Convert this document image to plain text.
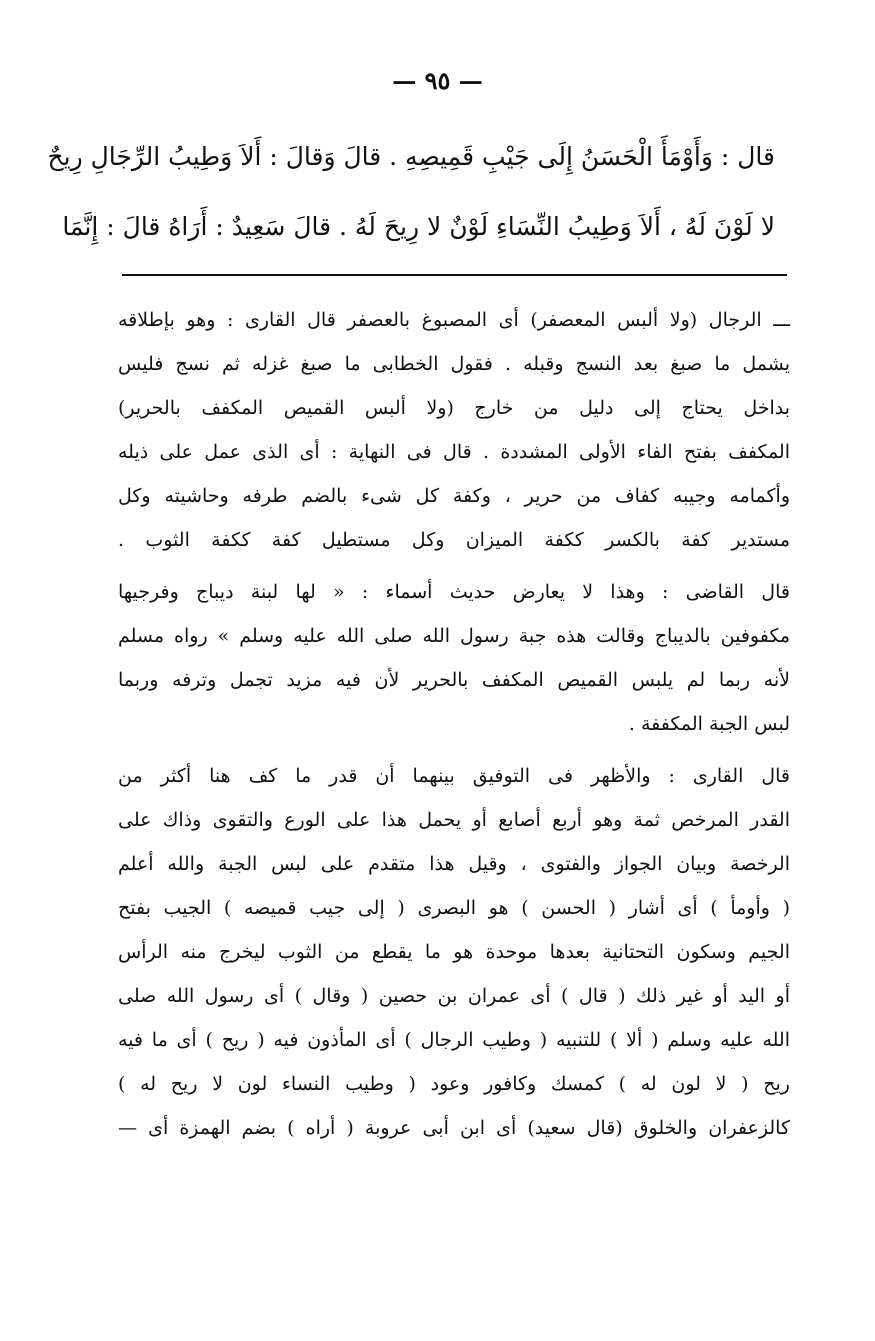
— ٩٥ —
قال : وَأَوْمَأَ الْحَسَنُ إِلَى جَيْبِ قَمِيصِهِ . قالَ وَقالَ : أَلاَ وَطِيبُ الرِّجَالِ رِيحٌ
لا لَوْنَ لَهُ ، أَلاَ وَطِيبُ النِّسَاءِ لَوْنٌ لا رِيحَ لَهُ . قالَ سَعِيدٌ : أَرَاهُ قالَ : إِنَّمَا
ـــ الرجال (ولا ألبس المعصفر) أى المصبوغ بالعصفر قال القارى : وهو بإطلاقه
يشمل ما صبغ بعد النسج وقبله . فقول الخطابى ما صبغ غزله ثم نسج فليس
بداخل يحتاج إلى دليل من خارج (ولا ألبس القميص المكفف بالحرير)
المكفف بفتح الفاء الأولى المشددة . قال فى النهاية : أى الذى عمل على ذيله
وأكمامه وجيبه كفاف من حرير ، وكفة كل شىء بالضم طرفه وحاشيته وكل
مستدير كفة بالكسر ككفة الميزان وكل مستطيل كفة ككفة الثوب .
قال القاضى : وهذا لا يعارض حديث أسماء : « لها لبنة ديباج وفرجيها
مكفوفين بالديباج وقالت هذه جبة رسول الله صلى الله عليه وسلم » رواه مسلم
لأنه ربما لم يلبس القميص المكفف بالحرير لأن فيه مزيد تجمل وترفه وربما
لبس الجبة المكففة .
قال القارى : والأظهر فى التوفيق بينهما أن قدر ما كف هنا أكثر من
القدر المرخص ثمة وهو أربع أصابع أو يحمل هذا على الورع والتقوى وذاك على
الرخصة وبيان الجواز والفتوى ، وقيل هذا متقدم على لبس الجبة والله أعلم
( وأومأ ) أى أشار ( الحسن ) هو البصرى ( إلى جيب قميصه ) الجيب بفتح
الجيم وسكون التحتانية بعدها موحدة هو ما يقطع من الثوب ليخرج منه الرأس
أو اليد أو غير ذلك ( قال ) أى عمران بن حصين ( وقال ) أى رسول الله صلى
الله عليه وسلم ( ألا ) للتنبيه ( وطيب الرجال ) أى المأذون فيه ( ريح ) أى ما فيه
ريح ( لا لون له ) كمسك وكافور وعود ( وطيب النساء لون لا ريح له )
كالزعفران والخلوق (قال سعيد) أى ابن أبى عروبة ( أراه ) بضم الهمزة أى —
